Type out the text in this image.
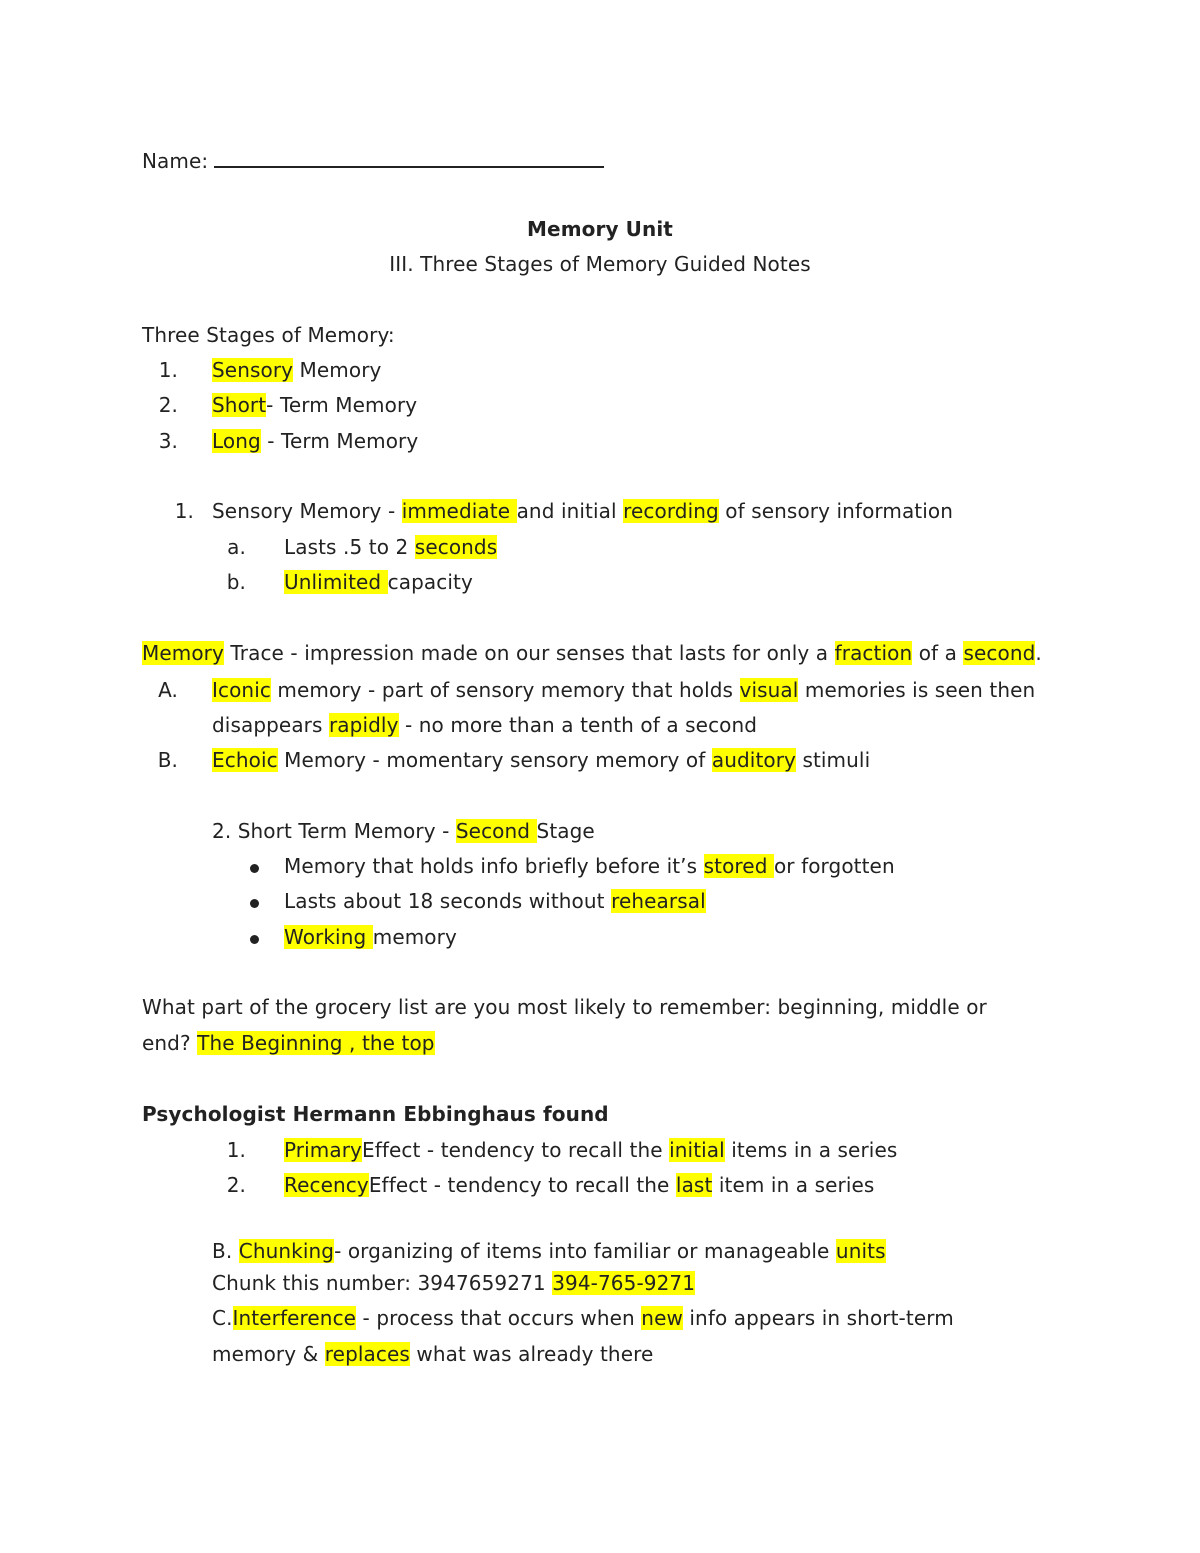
Name:
Memory Unit
III. Three Stages of Memory Guided Notes
Three Stages of Memory:
1. Sensory Memory
2. Short- Term Memory
3. Long - Term Memory
1. Sensory Memory - immediate and initial recording of sensory information
a. Lasts .5 to 2 seconds
b. Unlimited capacity
Memory Trace - impression made on our senses that lasts for only a fraction of a second.
A. Iconic memory - part of sensory memory that holds visual memories is seen then
disappears rapidly - no more than a tenth of a second
B. Echoic Memory - momentary sensory memory of auditory stimuli
2. Short Term Memory - Second Stage
Memory that holds info briefly before it’s stored or forgotten
Lasts about 18 seconds without rehearsal
Working memory
What part of the grocery list are you most likely to remember: beginning, middle or
end? The Beginning , the top
Psychologist Hermann Ebbinghaus found
1. PrimaryEffect - tendency to recall the initial items in a series
2. RecencyEffect - tendency to recall the last item in a series
B. Chunking- organizing of items into familiar or manageable units
Chunk this number: 3947659271 394-765-9271
C.Interference - process that occurs when new info appears in short-term
memory & replaces what was already there
